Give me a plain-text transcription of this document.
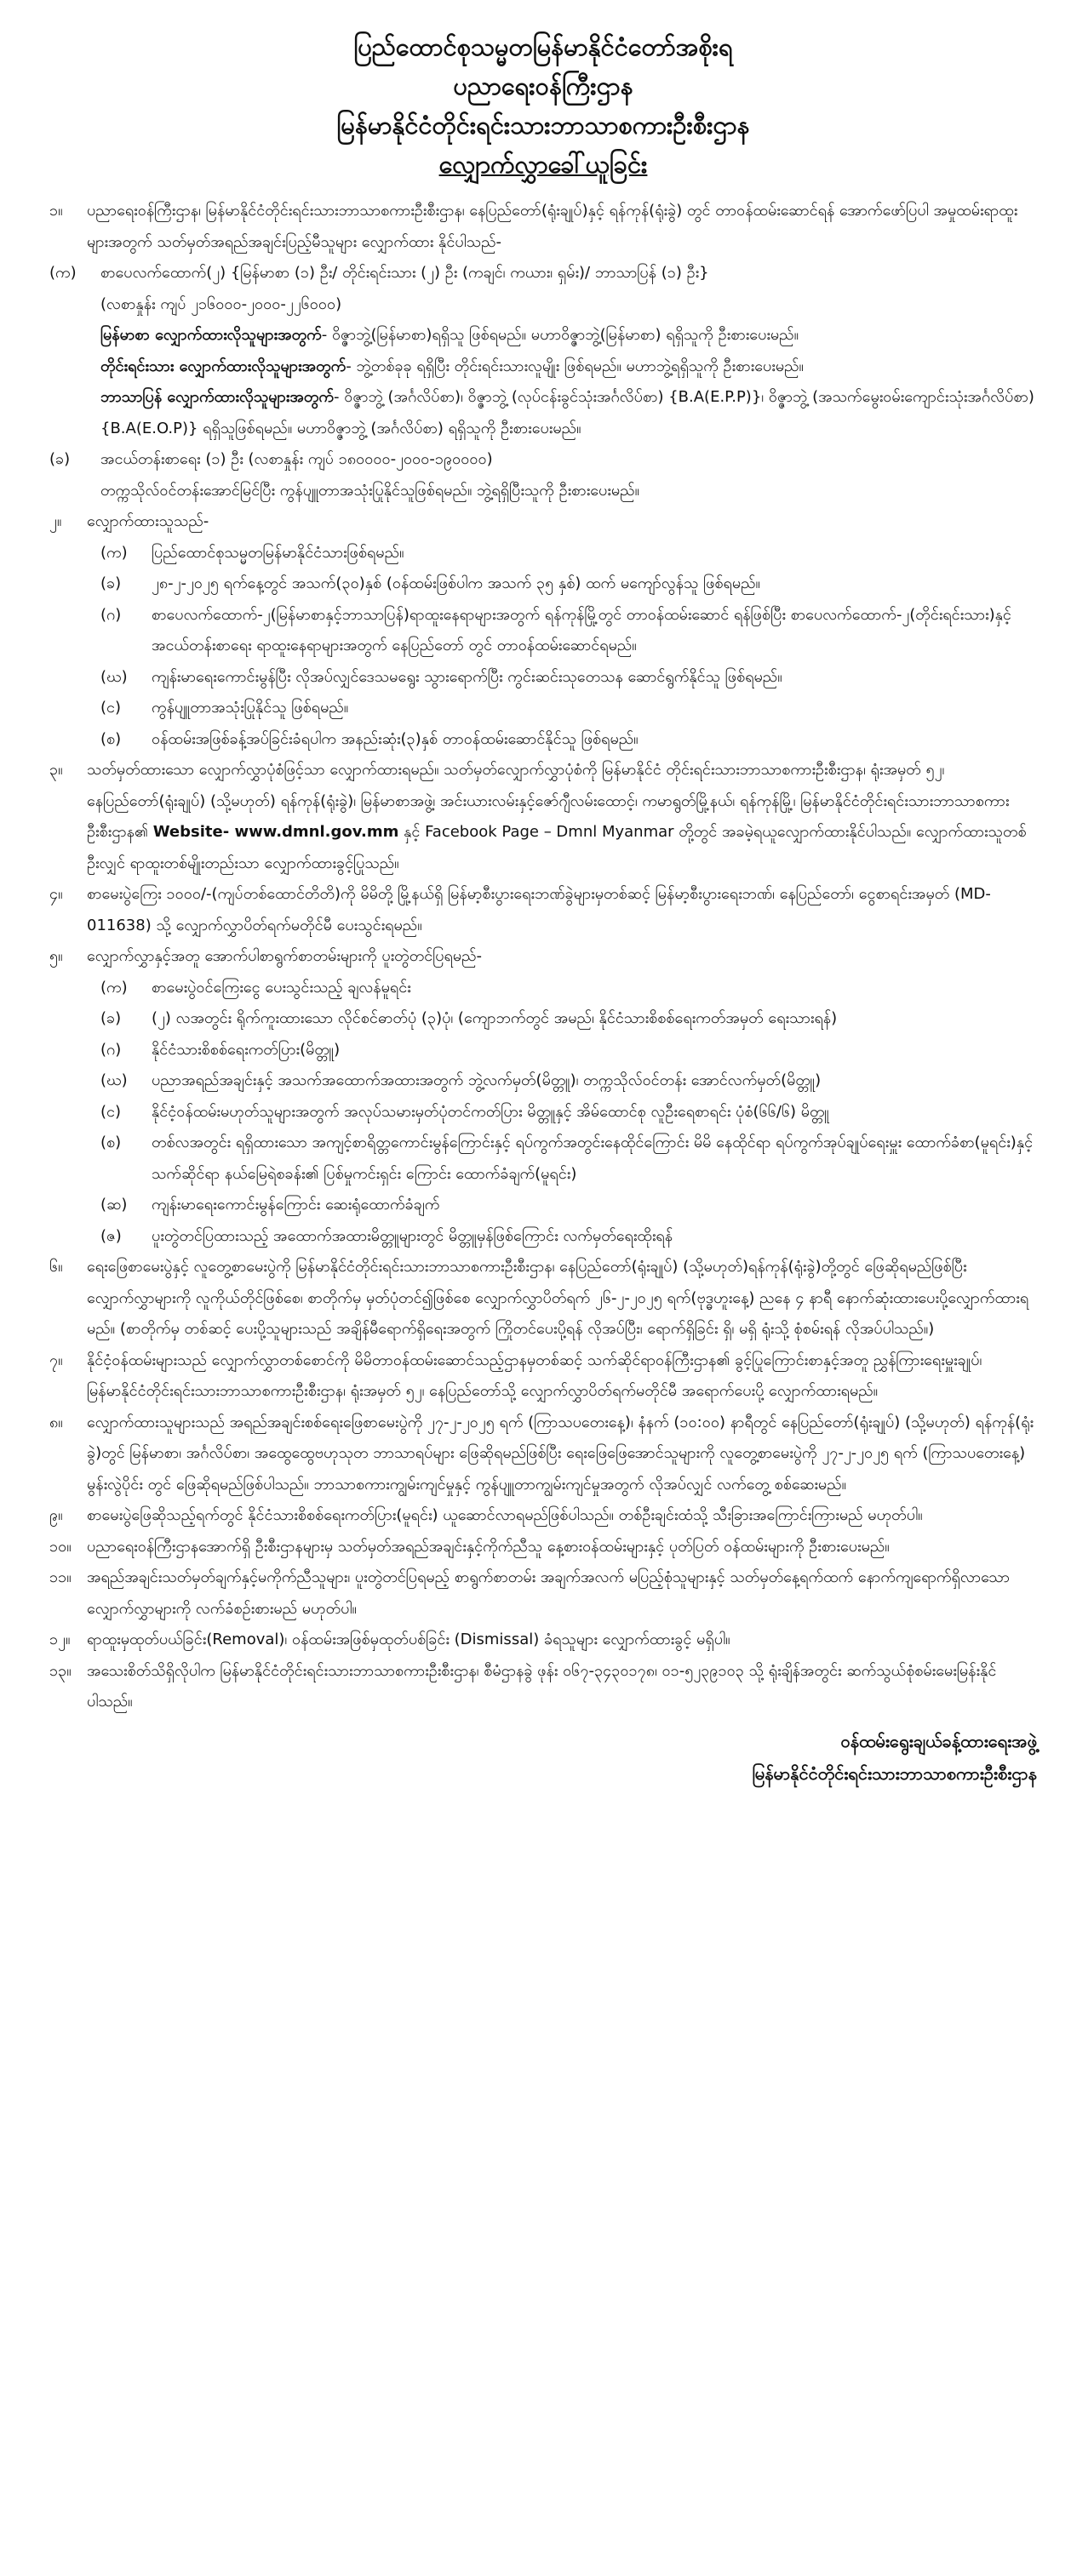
ပြည်ထောင်စုသမ္မတမြန်မာနိုင်ငံတော်အစိုးရ

ပညာရေးဝန်ကြီးဌာန

မြန်မာနိုင်ငံတိုင်းရင်းသားဘာသာစကားဦးစီးဌာန

လျှောက်လွှာခေါ်ယူခြင်း

၁။	ပညာရေးဝန်ကြီးဌာန၊ မြန်မာနိုင်ငံတိုင်းရင်းသားဘာသာစကားဦးစီးဌာန၊ နေပြည်တော်(ရုံးချုပ်)နှင့် ရန်ကုန်(ရုံးခွဲ) တွင် တာဝန်ထမ်းဆောင်ရန် အောက်ဖော်ပြပါ အမှုထမ်းရာထူးများအတွက် သတ်မှတ်အရည်အချင်းပြည့်မီသူများ လျှောက်ထား နိုင်ပါသည်-
(က)	စာပေလက်ထောက်(၂) {မြန်မာစာ (၁) ဦး/ တိုင်းရင်းသား (၂) ဦး (ကချင်၊ ကယား၊ ရှမ်း)/ ဘာသာပြန် (၁) ဦး}
(လစာနှုန်း ကျပ် ၂၁၆၀၀၀-၂၀၀၀-၂၂၆၀၀၀)
မြန်မာစာ လျှောက်ထားလိုသူများအတွက်- ဝိဇ္ဇာဘွဲ့(မြန်မာစာ)ရရှိသူ ဖြစ်ရမည်။ မဟာဝိဇ္ဇာဘွဲ့(မြန်မာစာ) ရရှိသူကို ဦးစားပေးမည်။
တိုင်းရင်းသား လျှောက်ထားလိုသူများအတွက်- ဘွဲ့တစ်ခုခု ရရှိပြီး တိုင်းရင်းသားလူမျိုး ဖြစ်ရမည်။ မဟာဘွဲ့ရရှိသူကို ဦးစားပေးမည်။
ဘာသာပြန် လျှောက်ထားလိုသူများအတွက်- ဝိဇ္ဇာဘွဲ့ (အင်္ဂလိပ်စာ)၊ ဝိဇ္ဇာဘွဲ့ (လုပ်ငန်းခွင်သုံးအင်္ဂလိပ်စာ) {B.A(E.P.P)}၊ ဝိဇ္ဇာဘွဲ့ (အသက်မွေးဝမ်းကျောင်းသုံးအင်္ဂလိပ်စာ) {B.A(E.O.P)} ရရှိသူဖြစ်ရမည်။ မဟာဝိဇ္ဇာဘွဲ့ (အင်္ဂလိပ်စာ) ရရှိသူကို ဦးစားပေးမည်။
(ခ)	အငယ်တန်းစာရေး (၁) ဦး (လစာနှုန်း ကျပ် ၁၈၀၀၀၀-၂၀၀၀-၁၉၀၀၀၀)
တက္ကသိုလ်ဝင်တန်းအောင်မြင်ပြီး ကွန်ပျူတာအသုံးပြုနိုင်သူဖြစ်ရမည်။ ဘွဲ့ရရှိပြီးသူကို ဦးစားပေးမည်။
၂။	လျှောက်ထားသူသည်-
(က)	ပြည်ထောင်စုသမ္မတမြန်မာနိုင်ငံသားဖြစ်ရမည်။
(ခ)	၂၈-၂-၂၀၂၅ ရက်နေ့တွင် အသက်(၃၀)နှစ် (ဝန်ထမ်းဖြစ်ပါက အသက် ၃၅ နှစ်) ထက် မကျော်လွန်သူ ဖြစ်ရမည်။
(ဂ)	စာပေလက်ထောက်-၂(မြန်မာစာနှင့်ဘာသာပြန်)ရာထူးနေရာများအတွက် ရန်ကုန်မြို့တွင် တာဝန်ထမ်းဆောင် ရန်ဖြစ်ပြီး စာပေလက်ထောက်-၂(တိုင်းရင်းသား)နှင့်အငယ်တန်းစာရေး ရာထူးနေရာများအတွက် နေပြည်တော် တွင် တာဝန်ထမ်းဆောင်ရမည်။
(ဃ)	ကျန်းမာရေးကောင်းမွန်ပြီး လိုအပ်လျှင်ဒေသမရွေး သွားရောက်ပြီး ကွင်းဆင်းသုတေသန ဆောင်ရွက်နိုင်သူ ဖြစ်ရမည်။
(င)	ကွန်ပျူတာအသုံးပြုနိုင်သူ ဖြစ်ရမည်။
(စ)	ဝန်ထမ်းအဖြစ်ခန့်အပ်ခြင်းခံရပါက အနည်းဆုံး(၃)နှစ် တာဝန်ထမ်းဆောင်နိုင်သူ ဖြစ်ရမည်။
၃။	သတ်မှတ်ထားသော လျှောက်လွှာပုံစံဖြင့်သာ လျှောက်ထားရမည်။ သတ်မှတ်လျှောက်လွှာပုံစံကို မြန်မာနိုင်ငံ တိုင်းရင်းသားဘာသာစကားဦးစီးဌာန၊ ရုံးအမှတ် ၅၂၊ နေပြည်တော်(ရုံးချုပ်) (သို့မဟုတ်) ရန်ကုန်(ရုံးခွဲ)၊ မြန်မာစာအဖွဲ့၊ အင်းယားလမ်းနှင့်ဇော်ဂျီလမ်းထောင့်၊ ကမာရွတ်မြို့နယ်၊ ရန်ကုန်မြို့၊ မြန်မာနိုင်ငံတိုင်းရင်းသားဘာသာစကားဦးစီးဌာန၏ Website- www.dmnl.gov.mm နှင့် Facebook Page – Dmnl Myanmar တို့တွင် အခမဲ့ရယူလျှောက်ထားနိုင်ပါသည်။ လျှောက်ထားသူတစ်ဦးလျှင် ရာထူးတစ်မျိုးတည်းသာ လျှောက်ထားခွင့်ပြုသည်။
၄။	စာမေးပွဲကြေး ၁၀၀၀/-(ကျပ်တစ်ထောင်တိတိ)ကို မိမိတို့ မြို့နယ်ရှိ မြန်မာ့စီးပွားရေးဘဏ်ခွဲများမှတစ်ဆင့် မြန်မာ့စီးပွားရေးဘဏ်၊ နေပြည်တော်၊ ငွေစာရင်းအမှတ် (MD-011638) သို့ လျှောက်လွှာပိတ်ရက်မတိုင်မီ ပေးသွင်းရမည်။
၅။	လျှောက်လွှာနှင့်အတူ အောက်ပါစာရွက်စာတမ်းများကို ပူးတွဲတင်ပြရမည်-
(က)	စာမေးပွဲဝင်ကြေးငွေ ပေးသွင်းသည့် ချလန်မူရင်း
(ခ)	(၂) လအတွင်း ရိုက်ကူးထားသော လိုင်စင်ဓာတ်ပုံ (၃)ပုံ၊ (ကျောဘက်တွင် အမည်၊ နိုင်ငံသားစိစစ်ရေးကတ်အမှတ် ရေးသားရန်)
(ဂ)	နိုင်ငံသားစိစစ်ရေးကတ်ပြား(မိတ္တူ)
(ဃ)	ပညာအရည်အချင်းနှင့် အသက်အထောက်အထားအတွက် ဘွဲ့လက်မှတ်(မိတ္တူ)၊ တက္ကသိုလ်ဝင်တန်း အောင်လက်မှတ်(မိတ္တူ)
(င)	နိုင်ငံ့ဝန်ထမ်းမဟုတ်သူများအတွက် အလုပ်သမားမှတ်ပုံတင်ကတ်ပြား မိတ္တူနှင့် အိမ်ထောင်စု လူဦးရေစာရင်း ပုံစံ(၆၆/၆) မိတ္တူ
(စ)	တစ်လအတွင်း ရရှိထားသော အကျင့်စာရိတ္တကောင်းမွန်ကြောင်းနှင့် ရပ်ကွက်အတွင်းနေထိုင်ကြောင်း မိမိ နေထိုင်ရာ ရပ်ကွက်အုပ်ချုပ်ရေးမှူး ထောက်ခံစာ(မူရင်း)နှင့် သက်ဆိုင်ရာ နယ်မြေရဲစခန်း၏ ပြစ်မှုကင်းရှင်း ကြောင်း ထောက်ခံချက်(မူရင်း)
(ဆ)	ကျန်းမာရေးကောင်းမွန်ကြောင်း ဆေးရုံထောက်ခံချက်
(ဇ)	ပူးတွဲတင်ပြထားသည့် အထောက်အထားမိတ္တူများတွင် မိတ္တူမှန်ဖြစ်ကြောင်း လက်မှတ်ရေးထိုးရန်
၆။	ရေးဖြေစာမေးပွဲနှင့် လူတွေ့စာမေးပွဲကို မြန်မာနိုင်ငံတိုင်းရင်းသားဘာသာစကားဦးစီးဌာန၊ နေပြည်တော်(ရုံးချုပ်) (သို့မဟုတ်)ရန်ကုန်(ရုံးခွဲ)တို့တွင် ဖြေဆိုရမည်ဖြစ်ပြီး လျှောက်လွှာများကို လူကိုယ်တိုင်ဖြစ်စေ၊ စာတိုက်မှ မှတ်ပုံတင်၍ဖြစ်စေ လျှောက်လွှာပိတ်ရက် ၂၆-၂-၂၀၂၅ ရက်(ဗုဒ္ဓဟူးနေ့) ညနေ ၄ နာရီ နောက်ဆုံးထားပေးပို့လျှောက်ထားရမည်။ (စာတိုက်မှ တစ်ဆင့် ပေးပို့သူများသည် အချိန်မီရောက်ရှိရေးအတွက် ကြိုတင်ပေးပို့ရန် လိုအပ်ပြီး၊ ရောက်ရှိခြင်း ရှိ၊ မရှိ ရုံးသို့ စုံစမ်းရန် လိုအပ်ပါသည်။)
၇။	နိုင်ငံ့ဝန်ထမ်းများသည် လျှောက်လွှာတစ်စောင်ကို မိမိတာဝန်ထမ်းဆောင်သည့်ဌာနမှတစ်ဆင့် သက်ဆိုင်ရာဝန်ကြီးဌာန၏ ခွင့်ပြုကြောင်းစာနှင့်အတူ ညွှန်ကြားရေးမှူးချုပ်၊ မြန်မာနိုင်ငံတိုင်းရင်းသားဘာသာစကားဦးစီးဌာန၊ ရုံးအမှတ် ၅၂၊ နေပြည်တော်သို့ လျှောက်လွှာပိတ်ရက်မတိုင်မီ အရောက်ပေးပို့ လျှောက်ထားရမည်။
၈။	လျှောက်ထားသူများသည် အရည်အချင်းစစ်ရေးဖြေစာမေးပွဲကို ၂၇-၂-၂၀၂၅ ရက် (ကြာသပတေးနေ့)၊ နံနက် (၁၀:၀၀) နာရီတွင် နေပြည်တော်(ရုံးချုပ်) (သို့မဟုတ်) ရန်ကုန်(ရုံးခွဲ)တွင် မြန်မာစာ၊ အင်္ဂလိပ်စာ၊ အထွေထွေဗဟုသုတ ဘာသာရပ်များ ဖြေဆိုရမည်ဖြစ်ပြီး ရေးဖြေဖြေအောင်သူများကို လူတွေ့စာမေးပွဲကို ၂၇-၂-၂၀၂၅ ရက် (ကြာသပတေးနေ့) မွန်းလွဲပိုင်း တွင် ဖြေဆိုရမည်ဖြစ်ပါသည်။ ဘာသာစကားကျွမ်းကျင်မှုနှင့် ကွန်ပျူတာကျွမ်းကျင်မှုအတွက် လိုအပ်လျှင် လက်တွေ့ စစ်ဆေးမည်။
၉။	စာမေးပွဲဖြေဆိုသည့်ရက်တွင် နိုင်ငံသားစိစစ်ရေးကတ်ပြား(မူရင်း) ယူဆောင်လာရမည်ဖြစ်ပါသည်။ တစ်ဦးချင်းထံသို့ သီးခြားအကြောင်းကြားမည် မဟုတ်ပါ။
၁၀။	ပညာရေးဝန်ကြီးဌာနအောက်ရှိ ဦးစီးဌာနများမှ သတ်မှတ်အရည်အချင်းနှင့်ကိုက်ညီသူ နေ့စားဝန်ထမ်းများနှင့် ပုတ်ပြတ် ဝန်ထမ်းများကို ဦးစားပေးမည်။
၁၁။	အရည်အချင်းသတ်မှတ်ချက်နှင့်မကိုက်ညီသူများ၊ ပူးတွဲတင်ပြရမည့် စာရွက်စာတမ်း အချက်အလက် မပြည့်စုံသူများနှင့် သတ်မှတ်နေ့ရက်ထက် နောက်ကျရောက်ရှိလာသော လျှောက်လွှာများကို လက်ခံစဉ်းစားမည် မဟုတ်ပါ။
၁၂။	ရာထူးမှထုတ်ပယ်ခြင်း(Removal)၊ ဝန်ထမ်းအဖြစ်မှထုတ်ပစ်ခြင်း (Dismissal) ခံရသူများ လျှောက်ထားခွင့် မရှိပါ။
၁၃။	အသေးစိတ်သိရှိလိုပါက မြန်မာနိုင်ငံတိုင်းရင်းသားဘာသာစကားဦးစီးဌာန၊ စီမံဌာနခွဲ ဖုန်း ၀၆၇-၃၄၃၀၁၇၈၊ ၀၁-၅၂၃၉၁၀၃ သို့ ရုံးချိန်အတွင်း ဆက်သွယ်စုံစမ်းမေးမြန်းနိုင်ပါသည်။
ဝန်ထမ်းရွေးချယ်ခန့်ထားရေးအဖွဲ့
မြန်မာနိုင်ငံတိုင်းရင်းသားဘာသာစကားဦးစီးဌာန
